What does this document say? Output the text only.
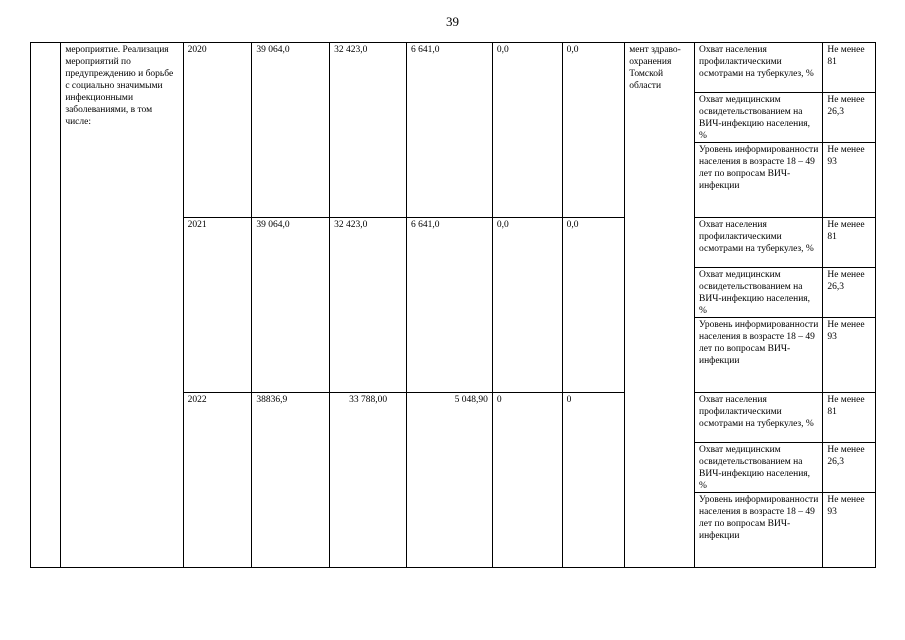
39
	мероприятие. Реализация мероприятий по предупреждению и борьбе с социально значимыми инфекционными заболеваниями, в том числе:	2020	39 064,0	32 423,0	6 641,0	0,0	0,0	мент здраво-охранения Томской области	Охват населения профилактическими осмотрами на туберкулез, %	Не менее 81
									Охват медицинским освидетельствованием на ВИЧ-инфекцию населения, %	Не менее 26,3
									Уровень информированности населения в возрасте 18 – 49 лет по вопросам ВИЧ-инфекции	Не менее 93
		2021	39 064,0	32 423,0	6 641,0	0,0	0,0		Охват населения профилактическими осмотрами на туберкулез, %	Не менее 81
									Охват медицинским освидетельствованием на ВИЧ-инфекцию населения, %	Не менее 26,3
									Уровень информированности населения в возрасте 18 – 49 лет по вопросам ВИЧ-инфекции	Не менее 93
		2022	38836,9	33 788,00	5 048,90	0	0		Охват населения профилактическими осмотрами на туберкулез, %	Не менее 81
									Охват медицинским освидетельствованием на ВИЧ-инфекцию населения, %	Не менее 26,3
									Уровень информированности населения в возрасте 18 – 49 лет по вопросам ВИЧ-инфекции	Не менее 93
